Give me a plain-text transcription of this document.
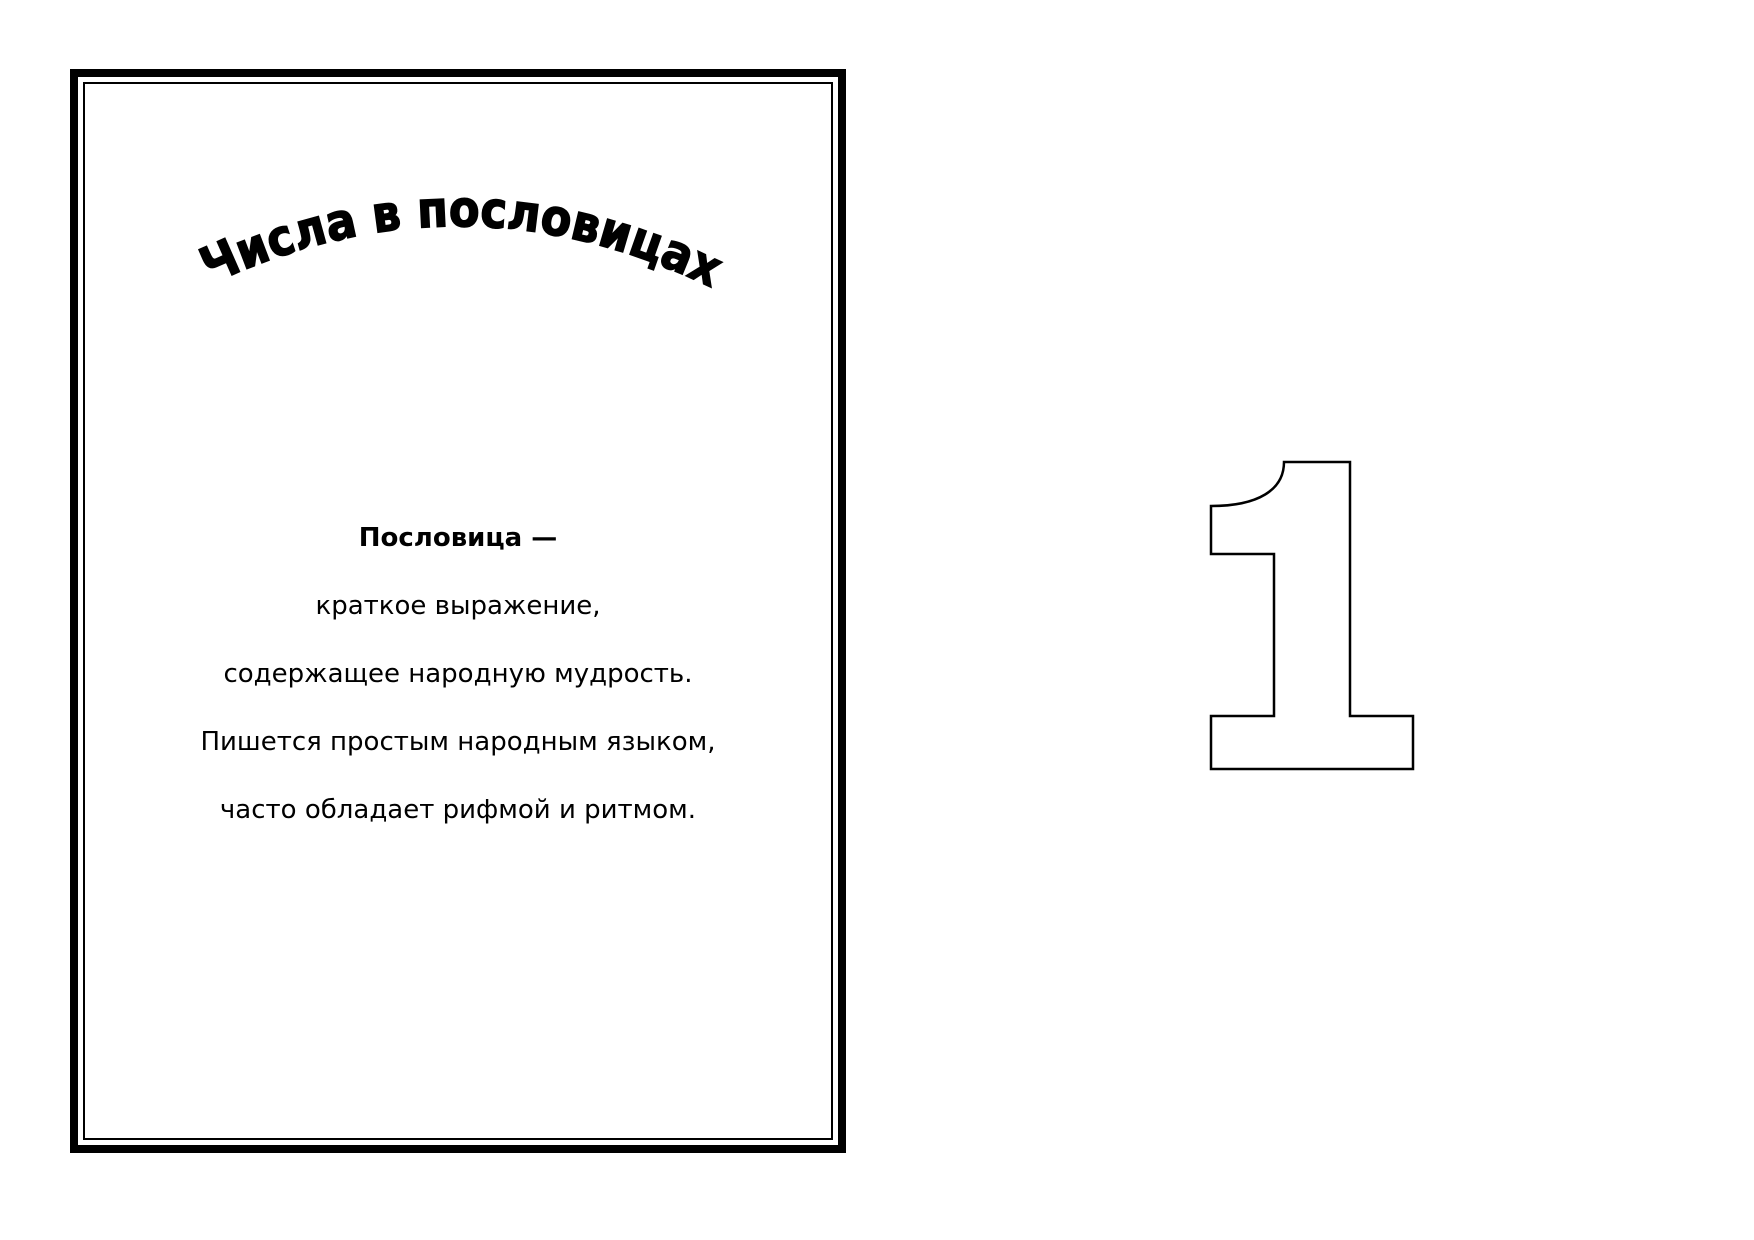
Числа в пословицах
Пословица —
краткое выражение,
содержащее народную мудрость.
Пишется простым народным языком,
часто обладает рифмой и ритмом.
